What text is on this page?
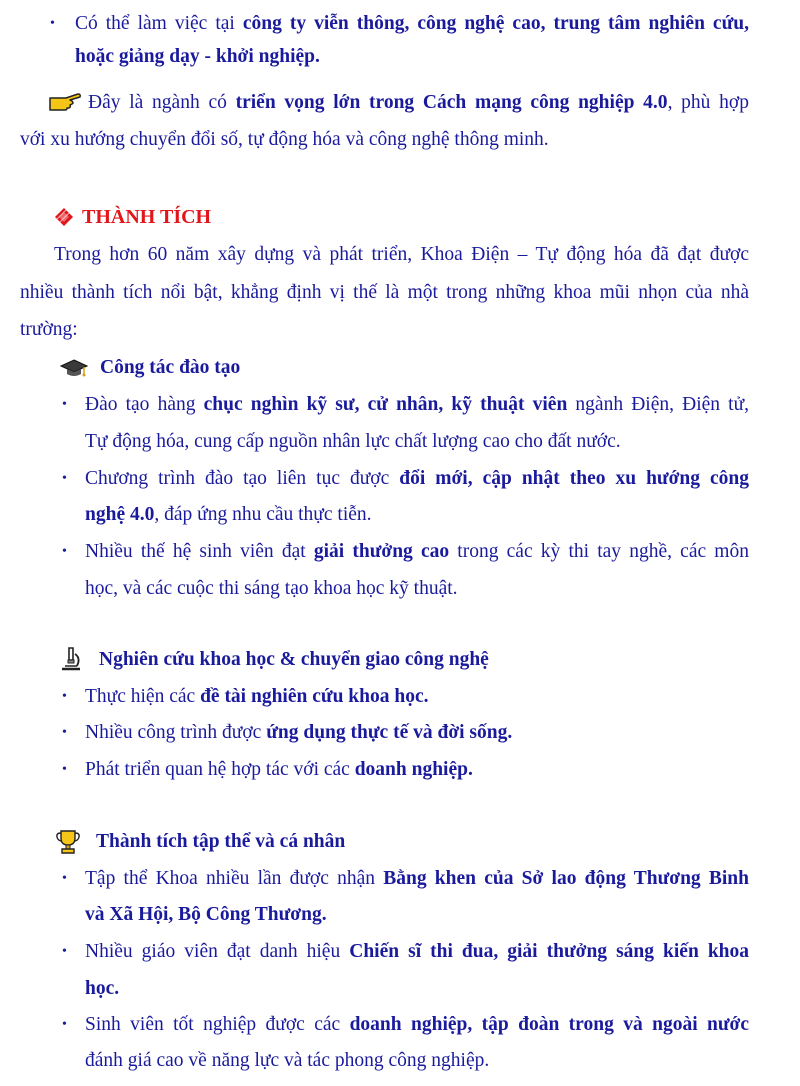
• Có thể làm việc tại công ty viễn thông, công nghệ cao, trung tâm nghiên cứu,
hoặc giảng dạy - khởi nghiệp.
Đây là ngành có triển vọng lớn trong Cách mạng công nghiệp 4.0, phù hợp
với xu hướng chuyển đổi số, tự động hóa và công nghệ thông minh.
THÀNH TÍCH
Trong hơn 60 năm xây dựng và phát triển, Khoa Điện – Tự động hóa đã đạt được
nhiều thành tích nổi bật, khẳng định vị thế là một trong những khoa mũi nhọn của nhà
trường:
Công tác đào tạo
• Đào tạo hàng chục nghìn kỹ sư, cử nhân, kỹ thuật viên ngành Điện, Điện tử,
Tự động hóa, cung cấp nguồn nhân lực chất lượng cao cho đất nước.
• Chương trình đào tạo liên tục được đổi mới, cập nhật theo xu hướng công
nghệ 4.0, đáp ứng nhu cầu thực tiễn.
• Nhiều thế hệ sinh viên đạt giải thưởng cao trong các kỳ thi tay nghề, các môn
học, và các cuộc thi sáng tạo khoa học kỹ thuật.
Nghiên cứu khoa học & chuyển giao công nghệ
• Thực hiện các đề tài nghiên cứu khoa học.
• Nhiều công trình được ứng dụng thực tế và đời sống.
• Phát triển quan hệ hợp tác với các doanh nghiệp.
Thành tích tập thể và cá nhân
• Tập thể Khoa nhiều lần được nhận Bằng khen của Sở lao động Thương Binh
và Xã Hội, Bộ Công Thương.
• Nhiều giáo viên đạt danh hiệu Chiến sĩ thi đua, giải thưởng sáng kiến khoa
học.
• Sinh viên tốt nghiệp được các doanh nghiệp, tập đoàn trong và ngoài nước
đánh giá cao về năng lực và tác phong công nghiệp.
